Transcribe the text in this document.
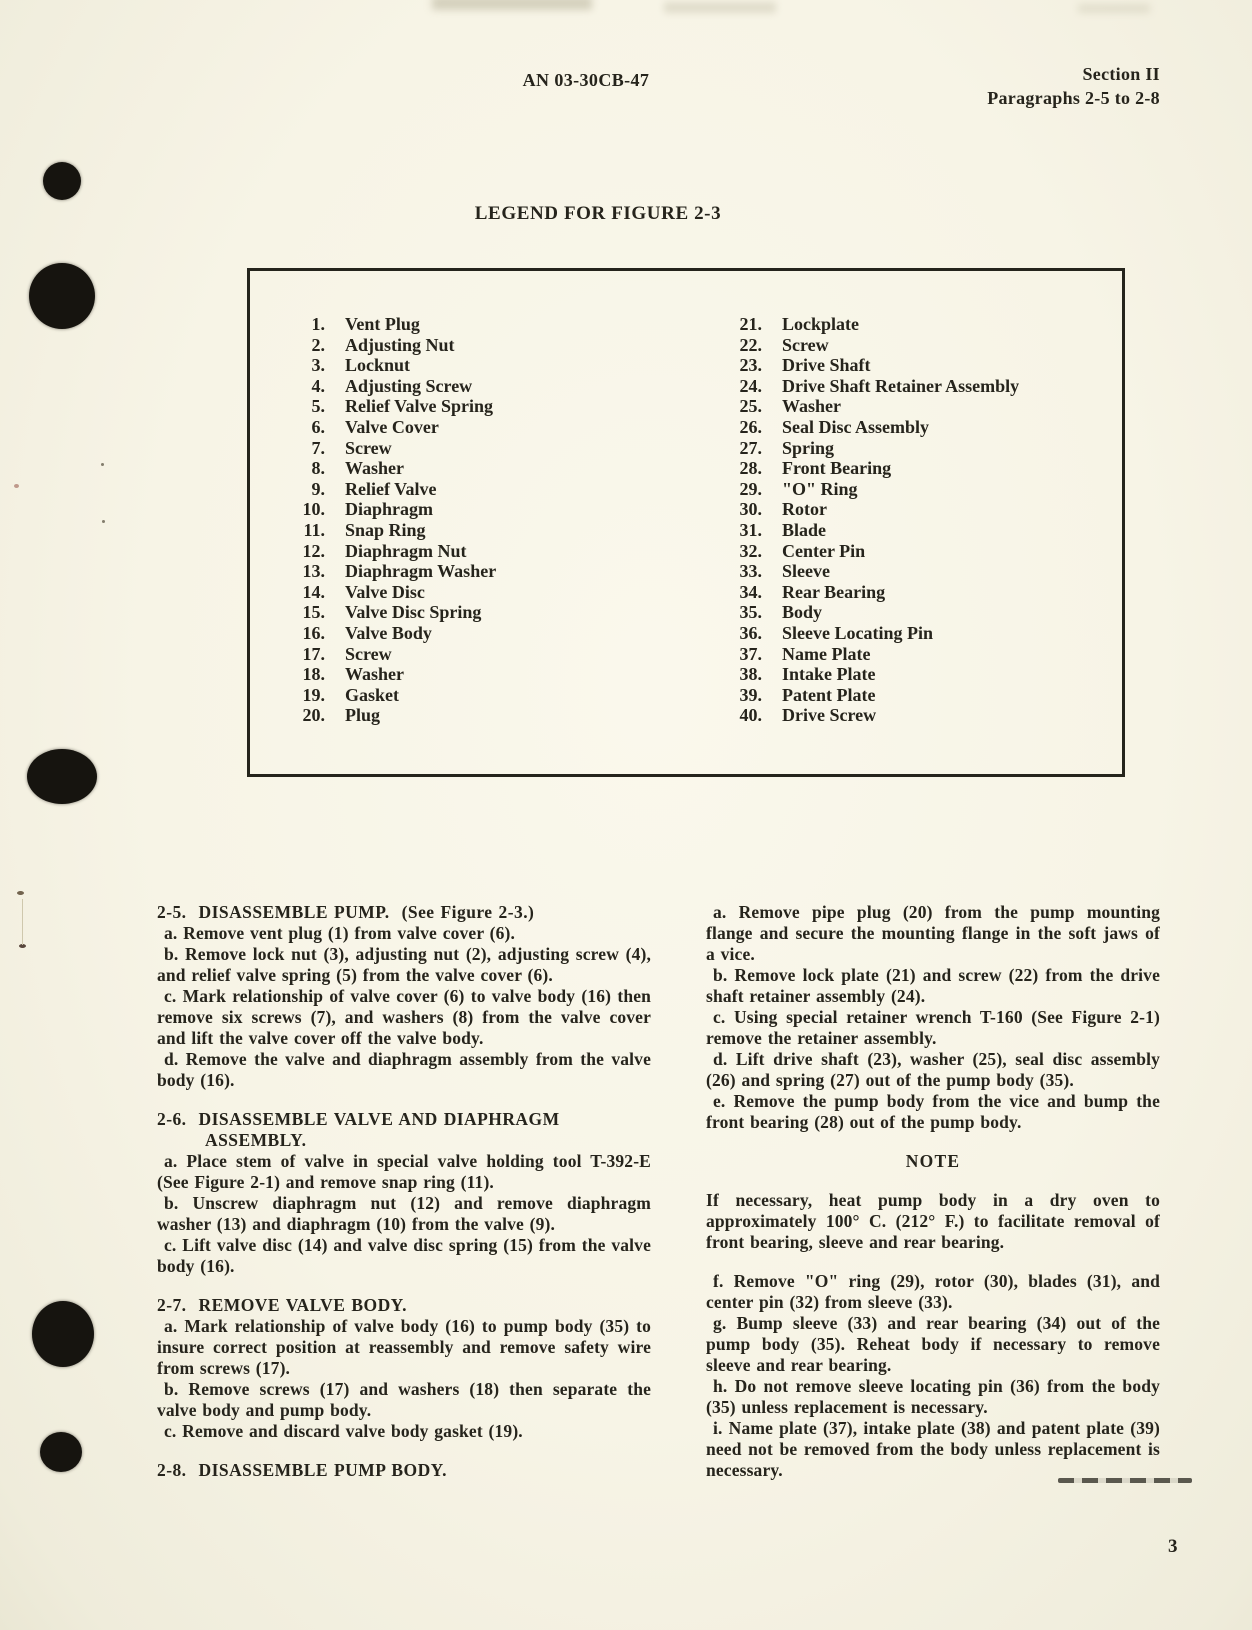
AN 03-30CB-47	Section II
Paragraphs 2-5 to 2-8
LEGEND FOR FIGURE 2-3
1. Vent Plug
2. Adjusting Nut
3. Locknut
4. Adjusting Screw
5. Relief Valve Spring
6. Valve Cover
7. Screw
8. Washer
9. Relief Valve
10. Diaphragm
11. Snap Ring
12. Diaphragm Nut
13. Diaphragm Washer
14. Valve Disc
15. Valve Disc Spring
16. Valve Body
17. Screw
18. Washer
19. Gasket
20. Plug
21. Lockplate
22. Screw
23. Drive Shaft
24. Drive Shaft Retainer Assembly
25. Washer
26. Seal Disc Assembly
27. Spring
28. Front Bearing
29. "O" Ring
30. Rotor
31. Blade
32. Center Pin
33. Sleeve
34. Rear Bearing
35. Body
36. Sleeve Locating Pin
37. Name Plate
38. Intake Plate
39. Patent Plate
40. Drive Screw
2-5.  DISASSEMBLE PUMP.  (See Figure 2-3.)
a. Remove vent plug (1) from valve cover (6).
b. Remove lock nut (3), adjusting nut (2), adjusting screw (4), and relief valve spring (5) from the valve cover (6).
c. Mark relationship of valve cover (6) to valve body (16) then remove six screws (7), and washers (8) from the valve cover and lift the valve cover off the valve body.
d. Remove the valve and diaphragm assembly from the valve body (16).
2-6.  DISASSEMBLE VALVE AND DIAPHRAGM ASSEMBLY.
a. Place stem of valve in special valve holding tool T-392-E (See Figure 2-1) and remove snap ring (11).
b. Unscrew diaphragm nut (12) and remove diaphragm washer (13) and diaphragm (10) from the valve (9).
c. Lift valve disc (14) and valve disc spring (15) from the valve body (16).
2-7.  REMOVE VALVE BODY.
a. Mark relationship of valve body (16) to pump body (35) to insure correct position at reassembly and remove safety wire from screws (17).
b. Remove screws (17) and washers (18) then separate the valve body and pump body.
c. Remove and discard valve body gasket (19).
2-8.  DISASSEMBLE PUMP BODY.
a. Remove pipe plug (20) from the pump mounting flange and secure the mounting flange in the soft jaws of a vice.
b. Remove lock plate (21) and screw (22) from the drive shaft retainer assembly (24).
c. Using special retainer wrench T-160 (See Figure 2-1) remove the retainer assembly.
d. Lift drive shaft (23), washer (25), seal disc assembly (26) and spring (27) out of the pump body (35).
e. Remove the pump body from the vice and bump the front bearing (28) out of the pump body.
NOTE
If necessary, heat pump body in a dry oven to approximately 100° C. (212° F.) to facilitate removal of front bearing, sleeve and rear bearing.
f. Remove "O" ring (29), rotor (30), blades (31), and center pin (32) from sleeve (33).
g. Bump sleeve (33) and rear bearing (34) out of the pump body (35). Reheat body if necessary to remove sleeve and rear bearing.
h. Do not remove sleeve locating pin (36) from the body (35) unless replacement is necessary.
i. Name plate (37), intake plate (38) and patent plate (39) need not be removed from the body unless replacement is necessary.
3
